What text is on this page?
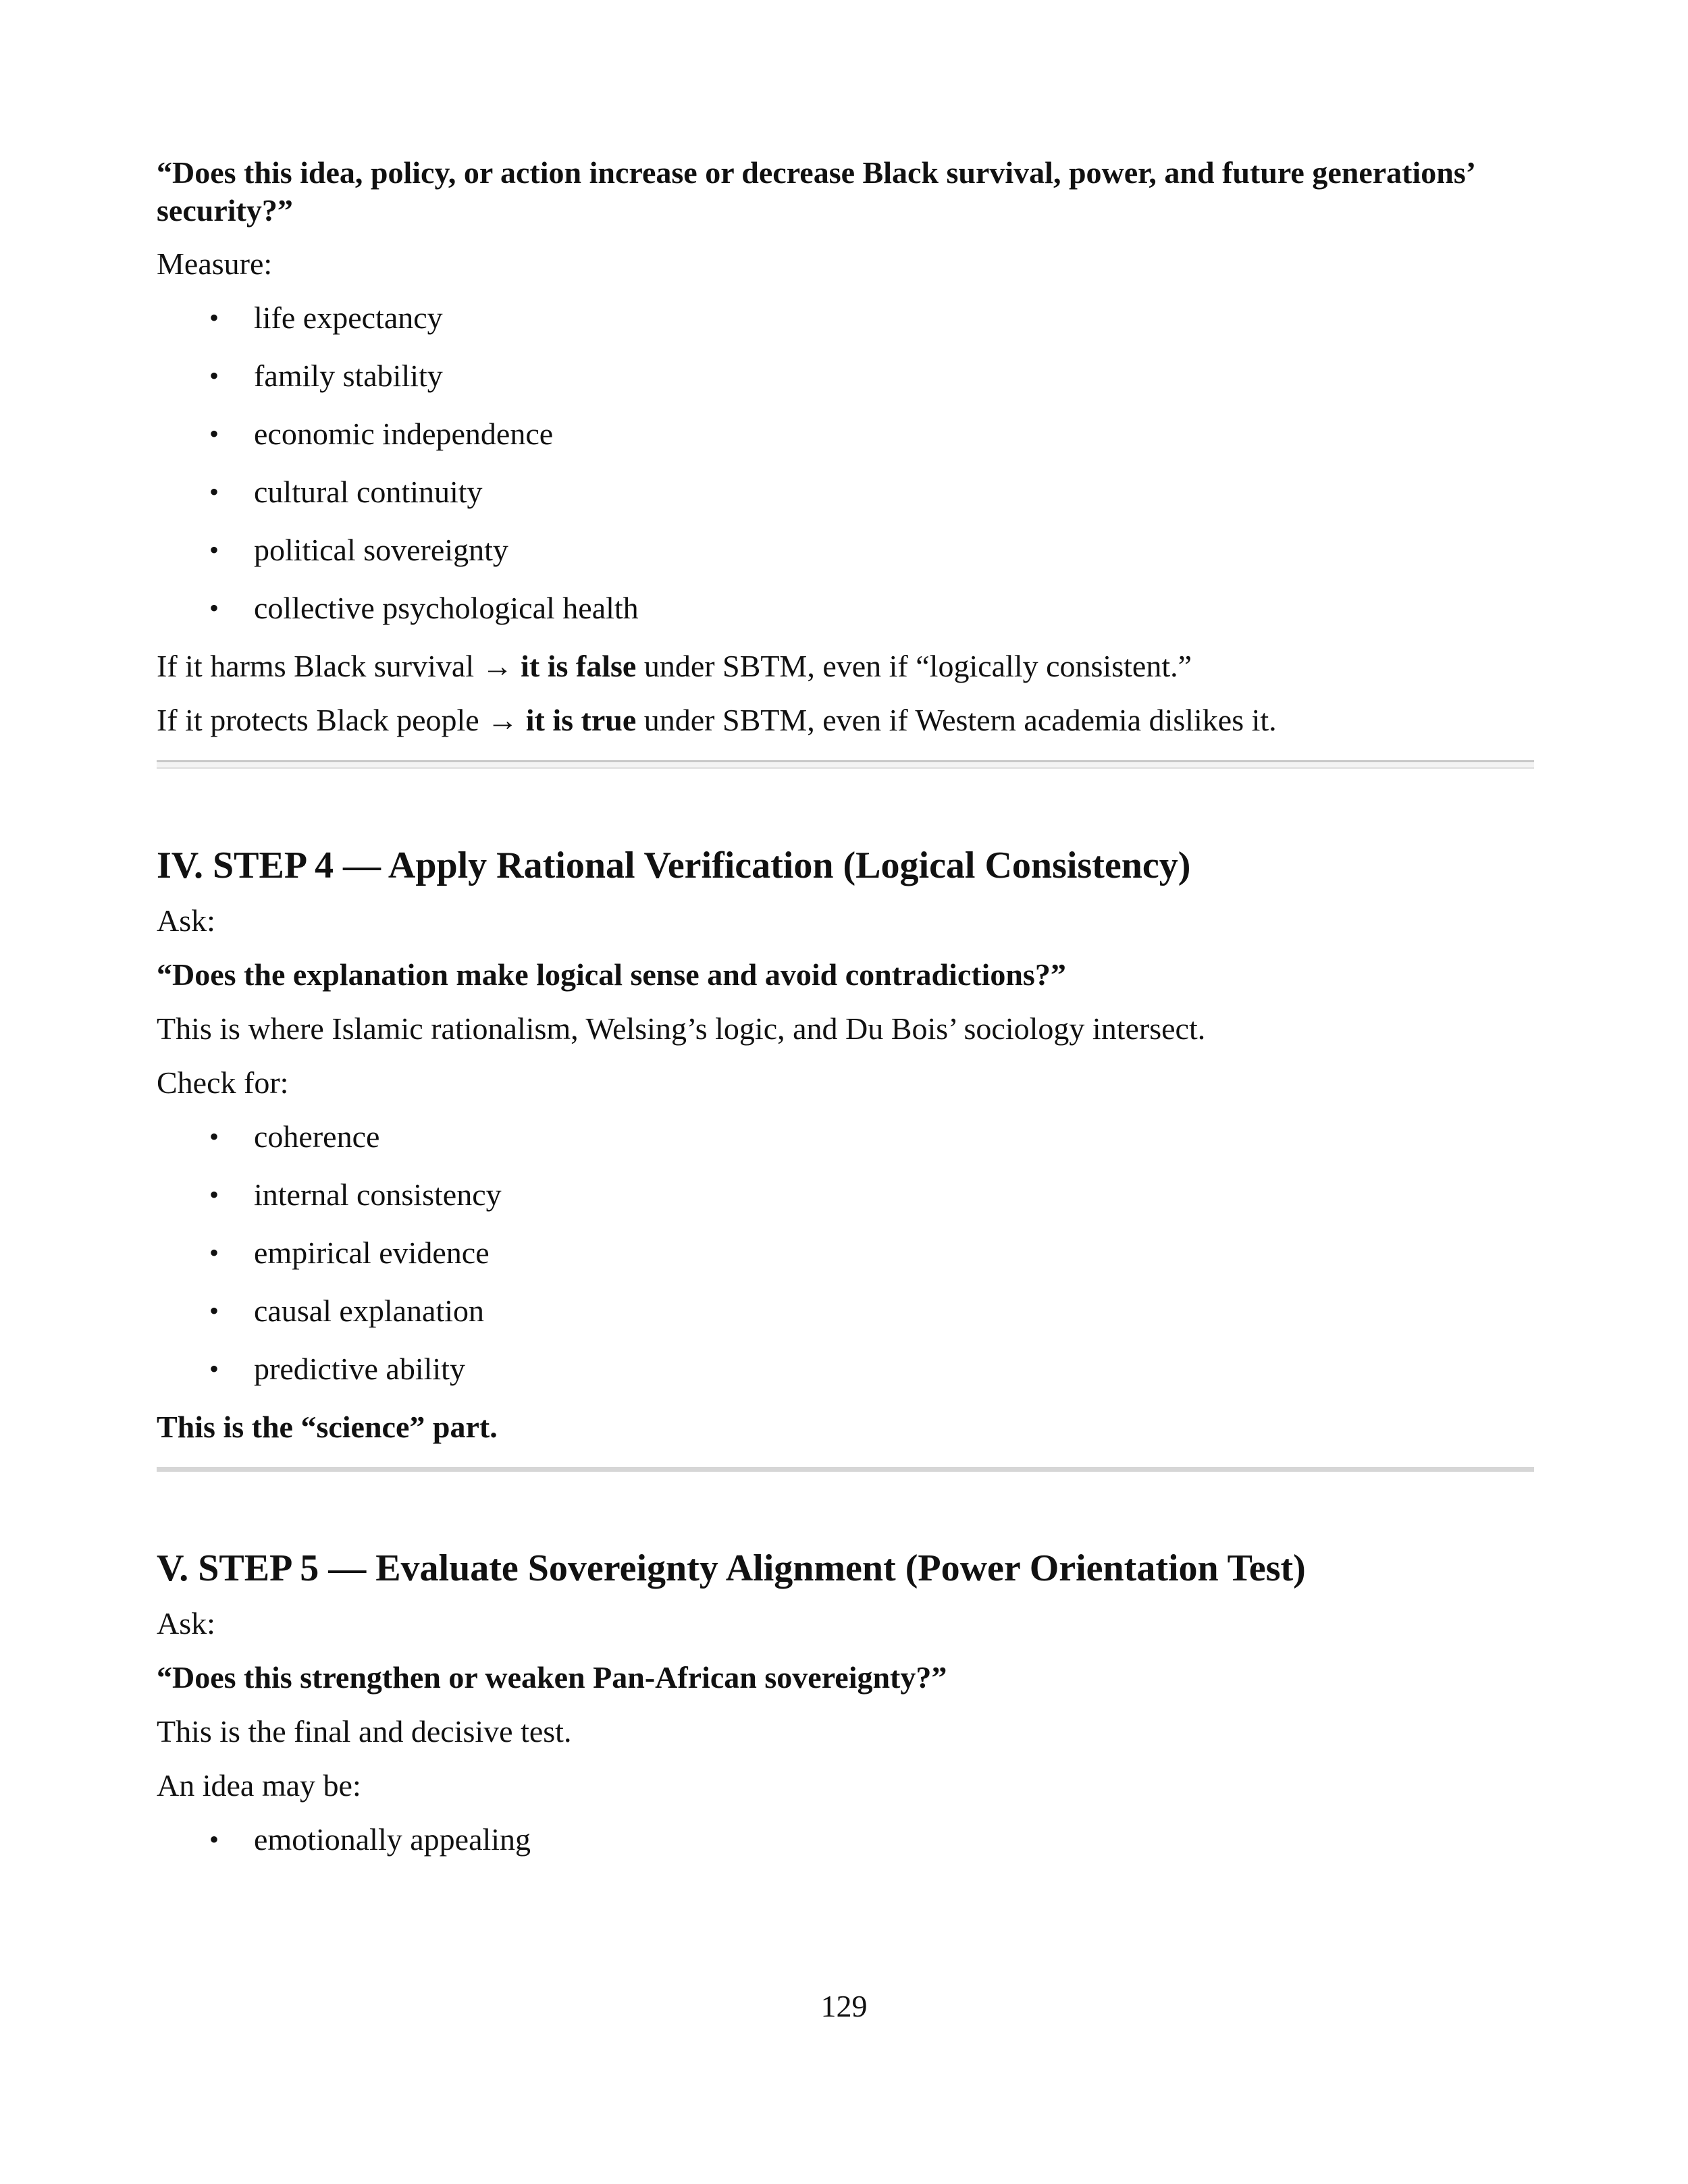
“Does this idea, policy, or action increase or decrease Black survival, power, and future generations’ security?”
Measure:
• life expectancy
• family stability
• economic independence
• cultural continuity
• political sovereignty
• collective psychological health
If it harms Black survival → it is false under SBTM, even if “logically consistent.”
If it protects Black people → it is true under SBTM, even if Western academia dislikes it.
IV. STEP 4 — Apply Rational Verification (Logical Consistency)
Ask:
“Does the explanation make logical sense and avoid contradictions?”
This is where Islamic rationalism, Welsing’s logic, and Du Bois’ sociology intersect.
Check for:
• coherence
• internal consistency
• empirical evidence
• causal explanation
• predictive ability
This is the “science” part.
V. STEP 5 — Evaluate Sovereignty Alignment (Power Orientation Test)
Ask:
“Does this strengthen or weaken Pan-African sovereignty?”
This is the final and decisive test.
An idea may be:
• emotionally appealing
129
